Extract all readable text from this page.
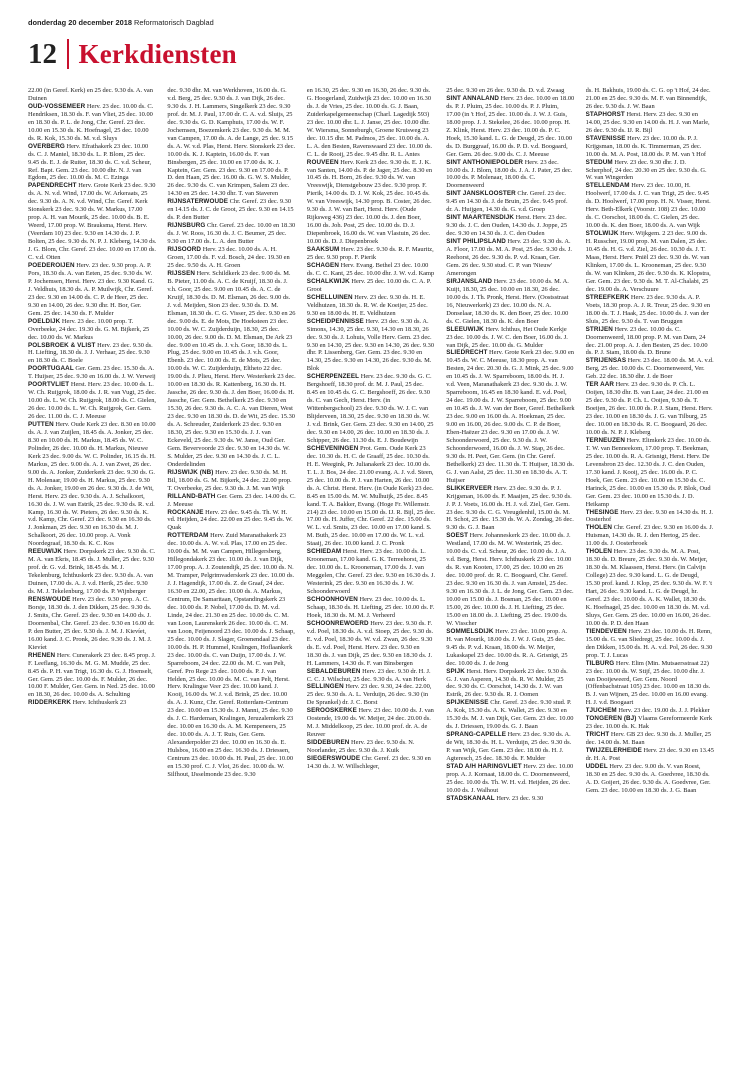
donderdag 20 december 2018 Reformatorisch Dagblad
12 Kerkdiensten

22.00 (in Geref. Kerk) en 25 dec. 9.30 ds. A. van Duinen

OUD-VOSSEMEER Herv. 23 dec. 10.00 ds. C. Hendriksen, 18.30 ds. F. van Vliet, 25 dec. 10.00 en 18.30 ds. P. L. de Jong, Chr. Geref. 23 dec. 10.00 en 15.30 ds. K. Hoefnagel, 25 dec. 10.00 ds. R. Kok, 15.30 ds. M. v.d. Sluys

OVERBERG Herv. Efrathakerk 23 dec. 10.00 ds. C. J. Mantel, 18.30 ds. L. P. Blom, 25 dec. 9.45 ds. E. J. de Ruiter, 18.30 ds. C. v.d. Scheur, Ref. Bapt. Gem. 23 dec. 10.00 dhr. N. J. van Egdom, 25 dec. 10.00 ds. M. C. Ezinga

PAPENDRECHT Herv. Grote Kerk 23 dec. 9.30 ds. A. N. v.d. Wind, 17.00 ds. W. Arkeraats, 25 dec. 9.30 ds. A. N. v.d. Wind, Chr. Geref. Kerk Sionskerk 23 dec. 9.30 ds. W. Markus, 17.00 prop. A. H. van Mourik, 25 dec. 10.00 ds. B. E. Weerd, 17.00 prop. W. Brauksma, Herst. Herv. (Veerdam 10) 23 dec. 9.30 en 14.30 ds. J. P. Bolten, 25 dec. 9.30 ds. N. P. J. Kleberg, 14.30 ds. J. G. Blom, Chr. Geref. 23 dec. 10.00 en 17.00 ds. C. v.d. Otten

POEDEROIJEN Herv. 23 dec. 9.30 prop. A. P. Pors, 18.30 ds. A. van Eeten, 25 dec. 9.30 ds. W. P. Jochemsen, Herst. Herv. 23 dec. 9.30 Kand. G. J. Veldhuis, 18.30 ds. A. P. Muilwijk, Chr. Geref. 23 dec. 9.30 en 14.00 ds. C. P. de Heer, 25 dec. 9.30 en 14.00, 26 dec. 9.30 dhr. H. Bor, Ger. Gem. 25 dec. 14.30 ds. F. Mulder

POELDIJK Herv. 23 dec. 10.00 prop. T. Overbeeke, 24 dec. 19.30 ds. G. M. Bijkerk, 25 dec. 10.00 ds. W. Markus

POLSBROEK & VLIST Herv. 23 dec. 9.30 ds. H. Liefting, 18.30 ds. J. J. Verhaar, 25 dec. 9.30 en 18.30 ds. C. Boele

POORTUGAAL Ger. Gem. 23 dec. 15.30 ds. A. T. Huijser, 25 dec. 9.30 en 16.00 ds. J. W. Verweij

POORTVLIET Herst. Herv. 23 dec. 10.00 ds. L. W. Ch. Ruijgrok, 18.00 ds. J. R. van Vugt, 25 dec. 10.00 ds. L. W. Ch. Ruijgrok, 18.00 ds. C. Gielen, 26 dec. 10.00 ds. L. W. Ch. Ruijgrok, Ger. Gem. 26 dec. 11.00 ds. C. J. Meeuse

PUTTEN Herv. Oude Kerk 23 dec. 8.30 en 10.00 ds. A. J. van Zuijlen, 18.45 ds. A. Jonker, 25 dec. 8.30 en 10.00 ds. H. Markus, 18.45 ds. W. C. Polinder, 26 dec. 10.00 ds. H. Markus, Nieuwe Kerk 23 dec. 9.00 ds. W. C. Polinder, 16.15 ds. H. Markus, 25 dec. 9.00 ds. A. J. van Zwet, 26 dec. 9.00 ds. A. Jonker, Zuiderkerk 23 dec. 9.30 ds. G. H. Molenaar, 19.00 ds. H. Markus, 25 dec. 9.30 ds. A. Jonker, 19.00 en 26 dec. 9.30 ds. J. de Wit, Herst. Herv. 23 dec. 9.30 ds. A. J. Schalkoort, 16.30 ds. J. W. van Estrik, 25 dec. 9.30 ds. R. v.d. Kamp, 16.30 ds. W. Pieters, 26 dec. 9.30 ds. K. v.d. Kamp, Chr. Geref. 23 dec. 9.30 en 16.30 ds. J. Jonkman, 25 dec. 9.30 en 16.30 ds. M. J. Schalkoort, 26 dec. 10.00 prop. A. Vonk Noordegraaf, 18.30 ds. K. C. Kos

REEUWIJK Herv. Dorpskerk 23 dec. 9.30 ds. C. M. A. van Ekris, 18.45 ds. J. Muller, 25 dec. 9.30 prof. dr. G. v.d. Brink, 18.45 ds. M. J. Tekelenburg, Ichthuskerk 23 dec. 9.30 ds. A. van Duinen, 17.00 ds. A. J. v.d. Herik, 25 dec. 9.30 ds. M. J. Tekelenburg, 17.00 ds. P. Wijnberger

RENSWOUDE Herv. 23 dec. 9.30 prop. A. C. Borsje, 18.30 ds. J. den Dikken, 25 dec. 9.30 ds. J. Smits, Chr. Geref. 23 dec. 9.30 en 14.00 ds. J. Doornenbal, Chr. Geref. 23 dec. 9.30 en 16.00 dr. P. den Butter, 25 dec. 9.30 ds. J. M. J. Kievíet, 16.00 kand. J. C. Pronk, 26 dec. 9.30 ds. J. M. J. Kievíet

RHENEN Herv. Cunerakerk 23 dec. 8.45 prop. J. F. Leeflang, 16.30 ds. M. G. M. Mudde, 25 dec. 8.45 ds. P. H. van Trigt, 16.30 ds. G. J. Hoenselt, Ger. Gem. 25 dec. 10.00 ds. F. Mulder, 26 dec. 10.00 F. Mulder, Ger. Gem. in Ned. 25 dec. 10.00 en 18.30, 26 dec. 10.00 ds. A. Schulting

RIDDERKERK Herv. Ichthuskerk 23

dec. 9.30 dhr. M. van Werkhoven, 16.00 ds. G. v.d. Berg, 25 dec. 9.30 ds. J. van Dijk, 26 dec. 9.30 ds. J. H. Lammers, Singelkerk 23 dec. 9.30 prof. dr. M. J. Paul, 17.00 dr. C. A. v.d. Sluijs, 25 dec. 9.30 ds. G. D. Kamphuis, 17.00 ds. W. F. Jochemsen, Boezemkerk 23 dec. 9.30 ds. M. M. van Campen, 17.00 ds. A. de Lange, 25 dec. 9.15 ds. A. W. v.d. Plas, Herst. Herv. Sionskerk 23 dec. 10.00 ds. K. J. Kaptein, 16.00 ds. F. van Binsbergen, 25 dec. 10.00 en 17.00 ds. K. J. Kaptein, Ger. Gem. 23 dec. 9.30 en 17.00 ds. P. D. den Haan, 25 dec. 16.00 ds. G. W. S. Mulder, 26 dec. 9.30 ds. C. van Krimpen, Salem 23 dec. 14.30 en 25 dec. 14.30 dhr. T. van Staveren

RIJNSATERWOUDE Chr. Geref. 23 dec. 9.30 en 14.15 ds. J. C. de Groot, 25 dec. 9.30 en 14.15 ds. P. den Butter

RIJNSBURG Chr. Geref. 23 dec. 10.00 en 18.30 ds. J. W. Roos, 16.30 ds. J. C. Beumer, 25 dec. 9.30 en 17.00 ds. L. A. den Butter

RIJSOORD Herv. 23 dec. 10.00 ds. A. H. Groen, 17.00 ds. F. v.d. Bosch, 24 dec. 19.30 en 25 dec. 9.50 ds. A. H. Groen

RIJSSEN Herv. Schildkerk 23 dec. 9.00 ds. M. B. Pieter, 11.00 ds. A. C. de Kruijf, 18.30 ds. J. v.h. Goor, 25 dec. 9.00 en 10.45 ds. A. C. de Kruijf, 18.30 ds. D. M. Elsman, 26 dec. 9.00 ds. J. v.d. Meijden, Sion 23 dec. 9.30 ds. D. M. Elsman, 18.30 ds. C. G. Visser, 25 dec. 9.30 en 26 dec. 9.00 ds. E. de Mots, De Hoeksteen 23 dec. 10.00 ds. W. C. Zuijderduijn, 18.30, 25 dec. 10.00, 26 dec. 9.00 ds. D. M. Elsman, De Ark 23 dec. 9.00 en 10.45 ds. J. v.h. Goor, 18.30 ds. L. Plug, 25 dec. 9.00 en 10.45 ds. J. v.h. Goor, Ebenh. 23 dec. 10.00 ds. E. de Mots, 25 dec. 10.00 ds. W. C. Zuijderduijn, Eltheto 22 dec. 19.00 ds. J. Plieu, Herst. Herv. Westerkerk 23 dec. 10.00 en 18.30 ds. R. Kattenberg, 16.30 ds. H. Jassche, 26 dec. 9.30 ds. J. den Boer, 16.00 ds. H. Jassche, Ger. Gem. Bethelkerk 25 dec. 9.30 en 15.30, 26 dec. 9.30 ds. A. C. A. van Dieren, West 23 dec. 9.30 en 18.30 ds. D. de Wit, 25 dec. 15.30 ds. A. Schreuder, Zuiderkerk 23 dec. 9.30 en 18.30, 25 dec. 9.30 en 15.30 ds. J. J. van Eckeveld, 25 dec. 9.30 ds. W. Janse, Oud Ger. Gem. Bevervoorde 23 dec. 9.30 en 14.30 ds. W. S. Mulder, 25 dec. 9.30 en 14.30 ds. J. C. L. Onderdelinden

RIJSWIJK (NB) Herv. 23 dec. 9.30 ds. M. H. Bil, 18.00 ds. G. M. Bijkerk, 24 dec. 22.00 prop. T. Overbeeke, 25 dec. 9.30 ds. J. M. van Wijk

RILLAND-BATH Ger. Gem. 23 dec. 14.00 ds. C. J. Meeuse

ROCKANJE Herv. 23 dec. 9.45 ds. Th. W. H. vd. Heijden, 24 dec. 22.00 en 25 dec. 9.45 ds. W. Quak

ROTTERDAM Herv. Zuid Maranathakerk 23 dec. 10.00 ds. A. W. v.d. Plas, 17.00 en 25 dec. 10.00 ds. M. M. van Campen, Hillegersberg, Hillegondakerk 23 dec. 10.00 ds. J. van Dijk, 17.00 prop. A. J. Zoutendijk, 25 dec. 10.00 ds. N. M. Tramper, Pelgrimvaderskerk 23 dec. 10.00 ds. J. J. Hagendijk, 17.00 ds. Z. de Graaf, 24 dec. 16.30 en 22.00, 25 dec. 10.00 ds. A. Markus, Centrum, De Samaritaan, Opstandingskerk 23 dec. 10.00 ds. P. Nobel, 17.00 ds. D. M. v.d. Linde, 24 dec. 21.30 en 25 dec. 10.00 ds. C. M. van Loon, Laurenskerk 26 dec. 10.00 ds. C. M. van Loon, Feijenoord 23 dec. 10.00 ds. J. Schaap, 25 dec. 10.00 ds. J. Slager, Groenendaal 23 dec. 10.00 ds. H. P. Hummel, Kralingen, Hoflaankerk 23 dec. 10.00 ds. C. van Duijn, 17.00 ds. J. W. Sparreboom, 24 dec. 22.00 ds. M. C. van Pelt, Geref. Pro Rege 23 dec. 10.00 ds. P. J. van Helden, 25 dec. 10.00 ds. M. C. van Pelt, Herst. Herv. Kralingse Veer 23 dec. 10.00 kand. J. Kooij, 16.00 ds. W. J. v.d. Brink, 25 dec. 10.00 ds. A. J. Kunz, Chr. Geref. Rotterdam-Centrum 23 dec. 10.00 en 15.30 ds. J. Manni, 25 dec. 9.30 ds. J. C. Hardeman, Kralingen, Jeruzalemkerk 23 dec. 10.00 en 16.30 ds. A. M. Kempeneers, 25 dec. 10.00 ds. A. J. T. Ruis, Ger. Gem. Alexanderpolder 23 dec. 10.00 en 16.30 ds. E. Hulsbos, 16.00 en 25 dec. 16.30 ds. J. Driessen, Centrum 23 dec. 10.00 ds. H. Paul, 25 dec. 10.00 en 15.30 prof. C. J. Vlot, 26 dec. 10.00 ds. W. Silfhout, IJsselmonde 23 dec. 9.30

en 16.30, 25 dec. 9.30 en 16.30, 26 dec. 9.30 ds. G. Hoogerland, Zuidwijk 23 dec. 10.00 en 16.30 ds. J. de Vries, 25 dec. 10.00 ds. G. J. Baan, Zuiderkapelgemeenschap (Charl. Lagedijk 593) 23 dec. 10.00 dhr. L. J. Janse, 25 dec. 10.00 dhr. W. Wiersma, Sonneburgh, Groene Kruisweg 23 dec. 10.15 dhr. M. Padmos, 25 dec. 10.00 ds. A. L. A. den Besten, Ravenswaard 23 dec. 10.00 ds. C. L. de Rooij, 25 dec. 9.45 dhr. R. L. Antes

ROUVEEN Herv. Kerk 23 dec. 9.30 ds. E. J. K. van Santen, 14.00 ds. P. de Jager, 25 dec. 8.30 en 10.45 ds. H. Born, 26 dec. 9.30 ds. W. van Vreeswijk, Dienstgebouw 23 dec. 9.30 prop. F. Pierik, 14.00 ds. D. J. W. Kok, 25 dec. 10.45 ds. W. van Vreeswijk, 14.30 prop. B. Coster, 26 dec. 9.30 ds. J. W. van Bart, Herst. Herv. (Oude Rijksweg 436) 23 dec. 10.00 ds. J. den Boer, 16.00 ds. Joh. Post, 25 dec. 10.00 ds. D. J. Diepenbroek, 16.00 ds. W. van Vlastuin, 26 dec. 10.00 ds. D. J. Diepenbroek

SAAKSUM Herv. 23 dec. 9.30 ds. R. F. Mauritz, 25 dec. 9.30 prop. F. Pierik

SCHAGEN Herv. Evang. Bethel 23 dec. 10.00 ds. C. C. Kant, 25 dec. 10.00 dhr. J. W. v.d. Kamp

SCHALKWIJK Herv. 25 dec. 10.00 ds. C. A. P. Groot

SCHELLUINEN Herv. 23 dec. 9.30 ds. H. E. Veldhuizen, 18.30 ds. R. W. de Koeijer, 25 dec. 9.30 en 18.00 ds. H. E. Veldhuizen

SCHEIDPENNISSE Herv. 23 dec. 9.30 ds. A. Simons, 14.30, 25 dec. 9.30, 14.30 en 18.30, 26 dec. 9.30 ds. J. Lohuis, Volle Herv. Gem. 23 dec. 9.30 en 14.30, 25 dec. 9.30 en 14.30, 26 dec. 9.30 dhr. P. Lissenberg, Ger. Gem. 23 dec. 9.30 en 14.30, 25 dec. 9.30 en 14.30, 26 dec. 9.30 ds. M. Blok

SCHERPENZEEL Herv. 23 dec. 9.30 ds. G. C. Bergshoeff, 18.30 prof. dr. M. J. Paul, 25 dec. 8.45 en 10.45 ds. G. C. Bergshoeff, 26 dec. 9.30 ds. C. van Gech, Herst. Herv. (in Wittenbergschool) 23 dec. 9.30 ds. W. J. C. van Blijderveen, 18.30, 25 dec. 9.30 en 18.30 ds. W. J. v.d. Brink, Ger. Gem. 23 dec. 9.30 en 14.00, 25 dec. 9.30 en 14.00, 26 dec. 10.00 en 18.30 ds. J. Schipper, 26 dec. 11.30 ds. E. J. Boudewijn

SCHEVENINGEN Prot. Gem. Oude Kerk 23 dec. 10.30 ds. H. C. de Graaff, 25 dec. 10.30 ds. H. E. Weegink, Pr. Julianakerk 23 dec. 10.00 ds. T. L. J. Bos, 24 dec. 21.00 evang. A. J. v.d. Steen, 25 dec. 10.00 ds. P. J. van Harten, 26 dec. 10.00 ds. A. Christ. Herst. Herv. (in Oude Kerk) 23 dec. 8.45 en 15.00 ds. M. W. Mulhuijk, 25 dec. 8.45 kand. T. A. Bakker, Evang. (Hoge Fr. Willemstr. 214) 23 dec. 10.00 en 15.00 ds. IJ. R. Bijl, 25 dec. 17.00 ds. H. Juffer, Chr. Geref. 22 dec. 15.00 ds. W. L. v.d. Smits, 23 dec. 10.00 en 17.00 kand. S. M. Buth, 25 dec. 10.00 en 17.00 ds. W. L. v.d. Staaij, 26 dec. 10.00 kand. J. C. Pronk

SCHIEDAM Herst. Herv. 23 dec. 10.00 ds. L. Krooneman, 17.00 kand. G. K. Terreehorst, 25 dec. 10.00 ds. L. Krooneman, 17.00 ds. J. van Meggelen, Chr. Geref. 23 dec. 9.30 en 16.30 ds. J. Westerink, 25 dec. 9.30 en 16.30 ds. J. W. Schoonderwoerd

SCHOONHOVEN Herv. 23 dec. 10.00 ds. L. Schaap, 18.30 ds. H. Liefting, 25 dec. 10.00 ds. F. Hoek, 18.30 ds. M. M. J. Verheerd

SCHOONREWOERD Herv. 23 dec. 9.30 ds. F. v.d. Poel, 18.30 ds. A. v.d. Stoep, 25 dec. 9.30 ds. E. v.d. Poel, 18.30 ds. W. v.d. Zwan, 26 dec. 9.30 ds. E. v.d. Poel, Herst. Herv. 23 dec. 9.30 en 18.30 ds. J. van Dijk, 25 dec. 9.30 en 18.30 ds. J. H. Lammers, 14.30 ds. F. van Binsbergen

SEBALDEBUREN Herv. 23 dec. 9.30 dr. H. J. C. C. J. Wilschut, 25 dec. 9.30 ds. A. van Herk

SELLINGEN Herv. 23 dec. 9.30, 24 dec. 22.00, 25 dec. 9.30 ds. A. L. Verduijn, 26 dec. 9.30 (in De Sprankel) dr. J. C. Borst

SEROOSKERKE Herv. 23 dec. 10.00 ds. J. van Oostende, 19.00 ds. W. Meijer, 24 dec. 20.00 ds. M. J. Middelkoop, 25 dec. 10.00 prof. dr. A. de Reuver

SIDDEBUREN Herv. 23 dec. 9.30 ds. N. Noorlander, 25 dec. 9.30 ds. J. Kuik

SIEGERSWOUDE Chr. Geref. 23 dec. 9.30 en 14.30 ds. J. W. Willschleger,

25 dec. 9.30 en 26 dec. 9.30 ds. D. v.d. Zwaag

SINT ANNALAND Herv. 23 dec. 10.00 en 18.00 ds. P. J. Pluim, 25 dec. 10.00 ds. P. J. Pluim, 17.00 (in 't Hof, 25 dec. 10.00 ds. J. W. J. Guis, 18.00 prop. J. J. Stekelee, 26 dec. 10.00 prop. H. Z. Klink, Herst. Herv. 23 dec. 10.00 ds. P. C. Hoek, 15.30 kand. L. G. de Deugd, 25 dec. 10.00 ds. D. Burggraaf, 16.00 ds. P. D. v.d. Boogaard, Ger. Gem. 26 dec. 9.00 ds. C. J. Meeuse

SINT ANTHONIEPOLDER Herv. 23 dec. 10.00 ds. J. Blom, 18.00 ds. J. A. J. Pater, 25 dec. 10.00 ds. P. Molenaar, 18.00 ds. C. Doornenweerd

SINT JANSKLOOSTER Chr. Geref. 23 dec. 9.45 en 14.30 ds. J. de Bruin, 25 dec. 9.45 prof. dr. A. Huijgen, 14.30 ds. G. v.d. Groep

SINT MAARTENSDIJK Herst. Herv. 23 dec. 9.30 ds. J. C. den Ouden, 14.30 ds. J. Joppe, 25 dec. 9.30 en 14.30 ds. J. C. den Ouden

SINT PHILIPSLAND Herv. 23 dec. 9.30 ds. A. A. Floor, 17.00 ds. M. A. Post, 25 dec. 9.30 ds. J. Reehorst, 26 dec. 9.30 ds. P. v.d. Kraan, Ger. Gem. 26 dec. 9.30 stud. C. P. van 'Nieuw' Amerongen

SIRJANSLAND Herv. 23 dec. 10.00 ds. M. A. Kuijt, 18.30, 25 dec. 10.00 en 18.30, 26 dec. 10.00 ds. J. Th. Pronk, Herst. Herv. (Oostsstraat 16, Nieuwerkerk) 23 dec. 10.00 ds. N. A. Donselaar, 18.30 ds. K. den Boer, 25 dec. 10.00 ds. C. Gielen, 18.30 ds. K. den Boer

SLEEUWIJK Herv. Ichthus, Het Oude Kerkje 23 dec. 10.00 ds. J. W. C. den Boer, 16.00 ds. J. van Dijk, 25 dec. 10.00 ds. G. Mulder

SLIEDRECHT Herv. Grote Kerk 23 dec. 9.00 en 10.45 ds. W. C. Meeuse, 18.30 prop. A. van Besten, 24 dec. 20.30 ds. G. J. Mink, 25 dec. 9.00 en 10.45 ds. J. W. Sparreboom, 18.00 ds. H. J. v.d. Veen, Maranathakerk 23 dec. 9.30 ds. J. W. Sparreboom, 16.45 en 18.30 kand. E. v.d. Poel, 24 dec. 19.00 ds. J. W. Sparreboom, 25 dec. 9.00 en 10.45 ds. J. W. van der Boer, Geref. Bethelkerk 23 dec. 9.00 en 16.00 ds. A. Hoekman, 25 dec. 9.00 en 16.00, 26 dec. 9.00 ds. C. P. de Boer, Eben-Haëzer 23 dec. 9.30 en 17.00 ds. J. W. Schoonderwoerd, 25 dec. 9.30 ds. J. W. Schoonderwoerd, 16.00 ds. J. W. Stap, 26 dec. 9.30 ds. H. Peet, Ger. Gem. (in Chr. Geref. Bethelkerk) 23 dec. 11.30 ds. T. Huijser, 18.30 ds. G. J. van Aalst, 25 dec. 11.30 en 18.30 ds. A. T. Huijser

SLIKKERVEER Herv. 23 dec. 9.30 ds. P. J. Krijgsman, 16.00 ds. F. Maaijen, 25 dec. 9.30 ds. J. P. J. Voets, 16.00 ds. H. J. v.d. Ziel, Ger. Gem. 23 dec. 9.30 ds. C. G. Vreugdenhil, 15.00 ds. M. H. Schot, 25 dec. 15.30 ds. W. A. Zondag, 26 dec. 9.30 ds. G. J. Baan

SOEST Herv. Johanneskerk 23 dec. 10.00 ds. J. Westland, 17.00 ds. M. W. Westerink, 25 dec. 10.00 ds. C. v.d. Scheur, 26 dec. 10.00 ds. J. A. v.d. Berg, Herst. Herv. Ichthuskerk 23 dec. 10.00 ds. R. van Kooten, 17.00, 25 dec. 10.00 en 26 dec. 10.00 prof. dr. R. C. Boogaard, Chr. Geref. 23 dec. 9.30 en 16.30 ds. J. van Amstel, 25 dec. 9.30 en 16.30 ds. J. L. de Jong, Ger. Gem. 23 dec. 10.00 en 15.00 ds. J. Bosman, 25 dec. 10.00 en 15.00, 26 dec. 10.00 ds. J. H. Liefting, 25 dec. 15.00 en 18.00 ds. J. Liefting, 25 dec. 19.00 ds. W. Visscher

SOMMELSDIJK Herv. 23 dec. 10.00 prop. A. H. van Mourik, 18.00 ds. J. W. J. Guis, 25 dec. 9.45 ds. P. v.d. Kraan, 18.00 ds. W. Meijer, Lukaskapel 23 dec. 10.00 ds. R. A. Grisnigt, 25 dec. 10.00 ds. J. de Jong

SPIJK Herst. Herv. Dorpskerk 23 dec. 9.30 ds. G. J. van Asperen, 14.30 ds. R. W. Mulder, 25 dec. 9.30 ds. C. Oorschot, 14.30 ds. J. W. van Estrik, 26 dec. 9.30 ds. R. J. Oomen

SPIJKENISSE Chr. Geref. 23 dec. 9.30 stud. P. A. Kok, 15.30 ds. A. K. Wallet, 25 dec. 9.30 en 15.30 ds. M. J. van Dijk, Ger. Gem. 23 dec. 10.00 ds. J. Driessen, 19.00 ds. G. J. Baan

SPRANG-CAPELLE Herv. 23 dec. 9.30 ds. A. de Wit, 18.30 ds. H. L. Verduijn, 25 dec. 9.30 ds. P. van Wijk, Ger. Gem. 23 dec. 18.00 ds. H. J. Agteresch, 25 dec. 18.30 ds. F. Mulder

STAD A/H HARINGVLIET Herv. 23 dec. 10.00 prop. A. J. Kornaat, 18.00 ds. C. Doornenweerd, 25 dec. 10.00 ds. Th. W. H. v.d. Heijden, 26 dec. 10.00 ds. J. Walhout

STADSKANAAL Herv. 23 dec. 9.30

ds. H. Bakhuis, 19.00 ds. C. G. op 't Hof, 24 dec. 21.00 en 25 dec. 9.30 ds. M. F. van Binnendijk, 26 dec. 9.30 ds. J. W. Baan

STAPHORST Herst. Herv. 23 dec. 9.30 en 14.00, 25 dec. 9.30 en 14.00 ds. H. J. van Marle, 26 dec. 9.30 ds. IJ. R. Bijl

STAVENISSE Herv. 23 dec. 10.00 ds. P. J. Krijgsman, 18.00 ds. K. Timmerman, 25 dec. 10.00 ds. M. A. Post, 18.00 ds. P. M. van 't Hof

STEDUM Herv. 23 dec. 9.30 dhr. J. D. Scherphof, 24 dec. 20.30 en 25 dec. 9.30 ds. G. W. van Wingerden

STELLENDAM Herv. 23 dec. 10.00, H. Hoolwerf, 17.00 ds. J. C. van Trigt, 25 dec. 9.45 ds. D. Hoolwerf, 17.00 prop. H. N. Visser, Herst. Herv. Beth-Elkerk (Voorstr. 108) 23 dec. 10.00 ds. C. Oorschot, 18.00 ds. C. Gielen, 25 dec. 10.00 ds. K. den Boer, 18.00 ds. A. van Wijk

STOLWIJK Herv. Wijkgem. 2 23 dec. 9.00 ds. H. Russcher, 19.00 prop. M. van Dalen, 25 dec. 10.45 ds. H. G. v.d. Ziel, 26 dec. 10.30 ds. J. T. Maas, Herst. Herv. Pniël 23 dec. 9.30 ds. W. van Klinken, 17.00 ds. L. Krooneman, 25 dec. 9.30 ds. W. van Klinken, 26 dec. 9.30 ds. K. Klopstra, Ger. Gem. 23 dec. 9.30 ds. M. T. Al-Chalabi, 25 dec. 19.00 ds. A. Verschuure

STREEFKERK Herv. 23 dec. 9.30 ds. A. P. Voets, 18.30 prop. A. J. R. Treur, 25 dec. 9.30 en 18.00 ds. T. J. Haak, 25 dec. 10.00 ds. J. van der Sluis, 25 dec. 9.30 ds. T. van Bruggen

STRIJEN Herv. 23 dec. 10.00 ds. C. Doornenweerd, 18.00 prop. P. M. van Dam, 24 dec. 21.00 prop. A. J. den Besten, 25 dec. 10.00 ds. P. J. Stam, 18.00 ds. D. Brune

STRIJENSAS Herv. 23 dec. 18.00 ds. M. A. v.d. Berg, 25 dec. 10.00 ds. C. Doornenweerd, Ver. Geb. 22 dec. 18.30 dhr. J. de Boer

TER AAR Herv. 23 dec. 9.30 ds. P. Ch. L. Ooijen, 18.30 dhr. B. van Laar, 24 dec. 21.00 en 25 dec. 9.30 ds. P. Ch. L. Ooijen, 9.30 ds. T. Boeijen, 26 dec. 10.00 ds. P. J. Stam, Herst. Herv. 23 dec. 10.00 en 18.30 ds. J. G. van Tilburg, 25 dec. 10.00 en 18.30 ds. R. C. Boogaard, 26 dec. 10.00 ds. N. P. J. Kleberg

TERNEUZEN Herv. Elimkerk 23 dec. 10.00 ds. T. W. van Benneekom, 17.00 prop. T. Beekman, 25 dec. 10.00 ds. R. A. Grisnigt, Herst. Herv. De Levensbron 23 dec. 12.30 ds. J. C. den Ouden, 17.30 kand. J. Kooij, 25 dec. 16.00 ds. P. C. Hoek, Ger. Gem. 23 dec. 10.00 en 15.30 ds. C. Harinck, 25 dec. 10.00 en 15.30 ds. P. Blok, Oud Ger. Gem. 23 dec. 10.00 en 15.30 ds. J. D. Heikamp

THESINGE Herv. 23 dec. 9.30 en 14.30 ds. H. J. Oosterhof

THOLEN Chr. Geref. 23 dec. 9.30 en 16.00 ds. J. Huisman, 14.30 ds. R. J. den Hertog, 25 dec. 11.00 ds. J. Oosterbroek

THOLEN Herv. 23 dec. 9.30 ds. M. A. Post, 18.30 ds. D. Breure, 25 dec. 9.30 ds. W. Meijer, 18.30 ds. M. Klaassen, Herst. Herv. (in Calvijn College) 23 dec. 9.30 kand. L. G. de Deugd, 15.30 prof. kand. J. Klop, 25 dec. 9.30 ds. W. F. 't Hart, 26 dec. 9.30 kand. L. G. de Deugd, hr. Geref. 23 dec. 10.00 ds. A. K. Wallet, 18.30 ds. K. Hoefnagel, 25 dec. 10.00 en 18.30 ds. M. v.d. Sluys, Ger. Gem. 25 dec. 10.00 en 16.00, 26 dec. 10.00 ds. P. D. den Haan

TIENDEVEEN Herv. 23 dec. 10.00 ds. H. Renn, 15.00 ds. G. van Sliedregt, 25 dec. 10.00 ds. J. den Dikken, 15.00 ds. H. A. v.d. Pol, 26 dec. 9.30 prop. T. J. Lucas

TILBURG Herv. Elim (Min. Mutsaersstraat 22) 23 dec. 10.00 ds. W. Stijf, 25 dec. 10.00 dhr. J. van Dooijeweerd, Ger. Gem. Noord (Offenbachstraat 105) 23 dec. 10.00 en 18.30 ds. B. J. van Wijnen, 25 dec. 10.00 en 16.00 evang. H. J. v.d. Boogaart

TJUCHEM Herv. 23 dec. 19.00 ds. J. J. Plekker

TONGEREN (BJ) Vlaams Gereformeerde Kerk 23 dec. 10.00 ds. K. Hak

TRICHT Herv. GB 23 dec. 9.30 ds. J. Muller, 25 dec. 14.00 ds. M. Baan

TWIJZELERHEIDE Herv. 23 dec. 9.30 en 13.45 dr. H. A. Post

UDDEL Herv. 23 dec. 9.00 ds. V. van Roest, 18.30 en 25 dec. 9.30 ds. A. Goedvree, 18.30 ds. A. D. Goijert, 26 dec. 9.30 ds. A. Goedvree, Ger. Gem. 23 dec. 10.00 en 18.30 ds. J. G. Baan
